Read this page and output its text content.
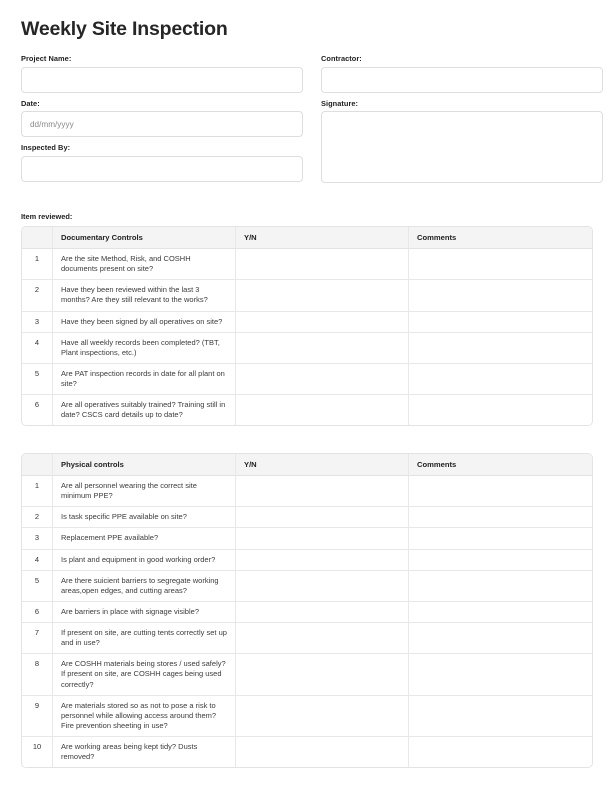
Weekly Site Inspection
Project Name:
Date:
dd/mm/yyyy
Inspected By:
Contractor:
Signature:
Item reviewed:
	Documentary Controls	Y/N	Comments
1	Are the site Method, Risk, and COSHH documents present on site?		
2	Have they been reviewed within the last 3 months? Are they still relevant to the works?		
3	Have they been signed by all operatives on site?		
4	Have all weekly records been completed? (TBT, Plant inspections, etc.)		
5	Are PAT inspection records in date for all plant on site?		
6	Are all operatives suitably trained? Training still in date? CSCS card details up to date?		
	Physical controls	Y/N	Comments
1	Are all personnel wearing the correct site minimum PPE?		
2	Is task specific PPE available on site?		
3	Replacement PPE available?		
4	Is plant and equipment in good working order?		
5	Are there suicient barriers to segregate working areas,open edges, and cutting areas?		
6	Are barriers in place with signage visible?		
7	If present on site, are cutting tents correctly set up and in use?		
8	Are COSHH materials being stores / used safely? If present on site, are COSHH cages being used correctly?		
9	Are materials stored so as not to pose a risk to personnel while allowing access around them? Fire prevention sheeting in use?		
10	Are working areas being kept tidy? Dusts removed?		
